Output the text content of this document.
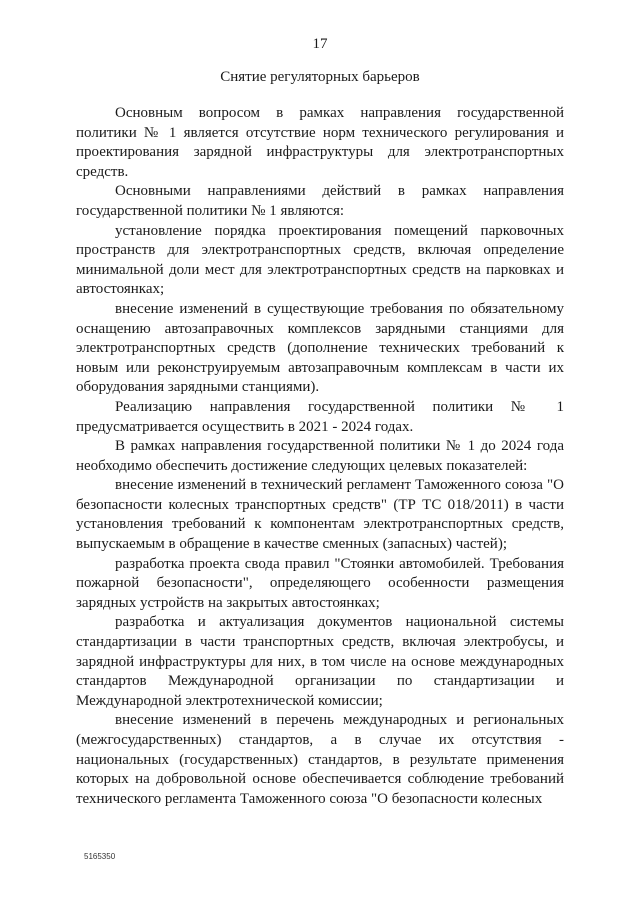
17
Снятие регуляторных барьеров

Основным вопросом в рамках направления государственной политики № 1 является отсутствие норм технического регулирования и проектирования зарядной инфраструктуры для электротранспортных средств.

Основными направлениями действий в рамках направления государственной политики № 1 являются:

установление порядка проектирования помещений парковочных пространств для электротранспортных средств, включая определение минимальной доли мест для электротранспортных средств на парковках и автостоянках;

внесение изменений в существующие требования по обязательному оснащению автозаправочных комплексов зарядными станциями для электротранспортных средств (дополнение технических требований к новым или реконструируемым автозаправочным комплексам в части их оборудования зарядными станциями).

Реализацию направления государственной политики № 1 предусматривается осуществить в 2021 - 2024 годах.

В рамках направления государственной политики № 1 до 2024 года необходимо обеспечить достижение следующих целевых показателей:

внесение изменений в технический регламент Таможенного союза "О безопасности колесных транспортных средств" (ТР ТС 018/2011) в части установления требований к компонентам электротранспортных средств, выпускаемым в обращение в качестве сменных (запасных) частей);

разработка проекта свода правил "Стоянки автомобилей. Требования пожарной безопасности", определяющего особенности размещения зарядных устройств на закрытых автостоянках;

разработка и актуализация документов национальной системы стандартизации в части транспортных средств, включая электробусы, и зарядной инфраструктуры для них, в том числе на основе международных стандартов Международной организации по стандартизации и Международной электротехнической комиссии;

внесение изменений в перечень международных и региональных (межгосударственных) стандартов, а в случае их отсутствия - национальных (государственных) стандартов, в результате применения которых на добровольной основе обеспечивается соблюдение требований технического регламента Таможенного союза "О безопасности колесных

5165350
